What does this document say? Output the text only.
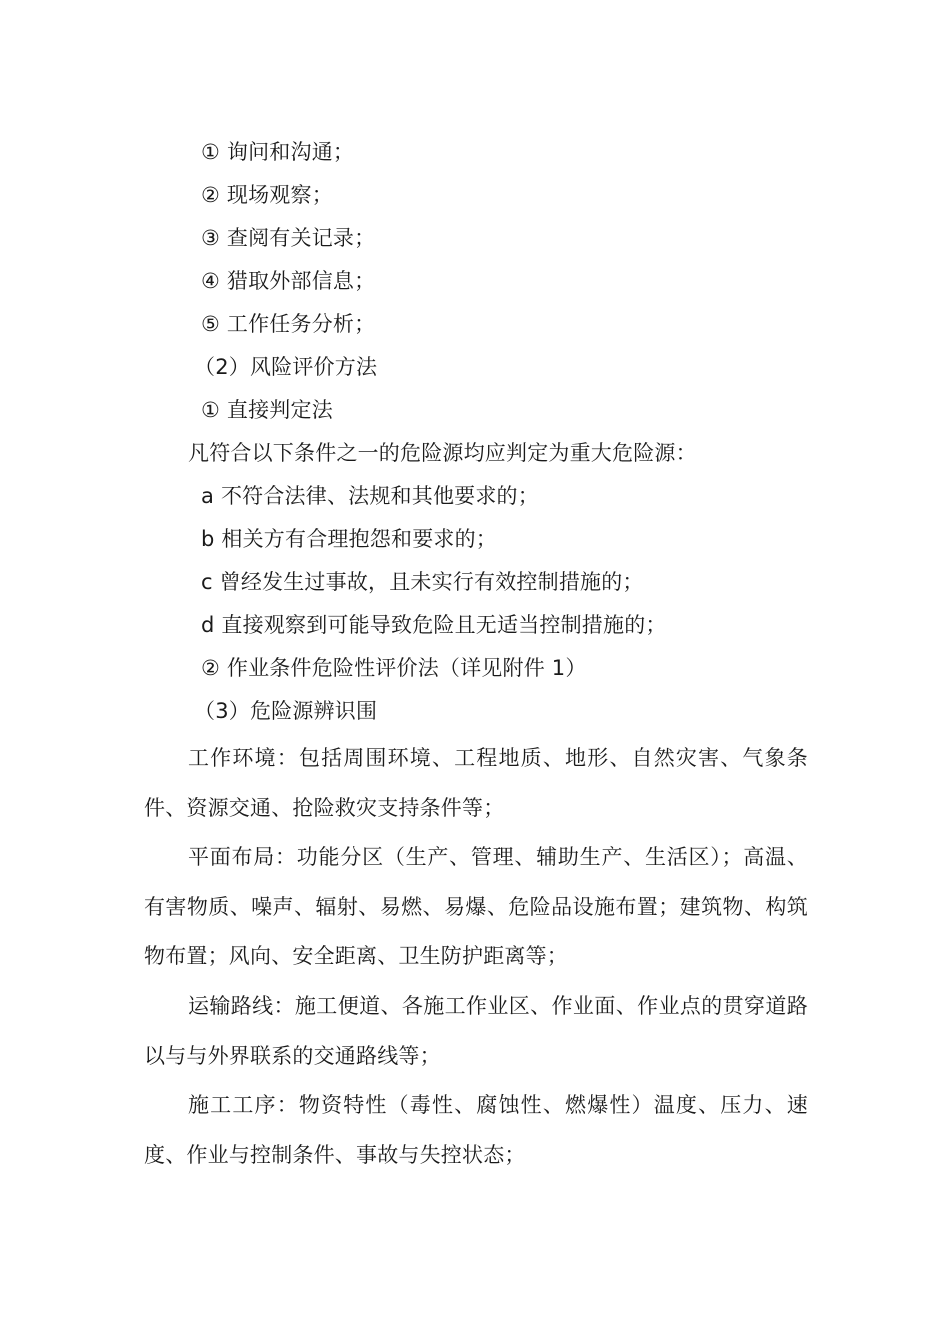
① 询问和沟通；
② 现场观察；
③ 查阅有关记录；
④ 猎取外部信息；
⑤ 工作任务分析；
（2）风险评价方法
① 直接判定法
凡符合以下条件之一的危险源均应判定为重大危险源：
a 不符合法律、法规和其他要求的；
b 相关方有合理抱怨和要求的；
c 曾经发生过事故，且未实行有效控制措施的；
d 直接观察到可能导致危险且无适当控制措施的；
② 作业条件危险性评价法（详见附件 1）
（3）危险源辨识围

工作环境：包括周围环境、工程地质、地形、自然灾害、气象条件、资源交通、抢险救灾支持条件等；

平面布局：功能分区（生产、管理、辅助生产、生活区）；高温、有害物质、噪声、辐射、易燃、易爆、危险品设施布置；建筑物、构筑物布置；风向、安全距离、卫生防护距离等；

运输路线：施工便道、各施工作业区、作业面、作业点的贯穿道路以与与外界联系的交通路线等；

施工工序：物资特性（毒性、腐蚀性、燃爆性）温度、压力、速度、作业与控制条件、事故与失控状态；
